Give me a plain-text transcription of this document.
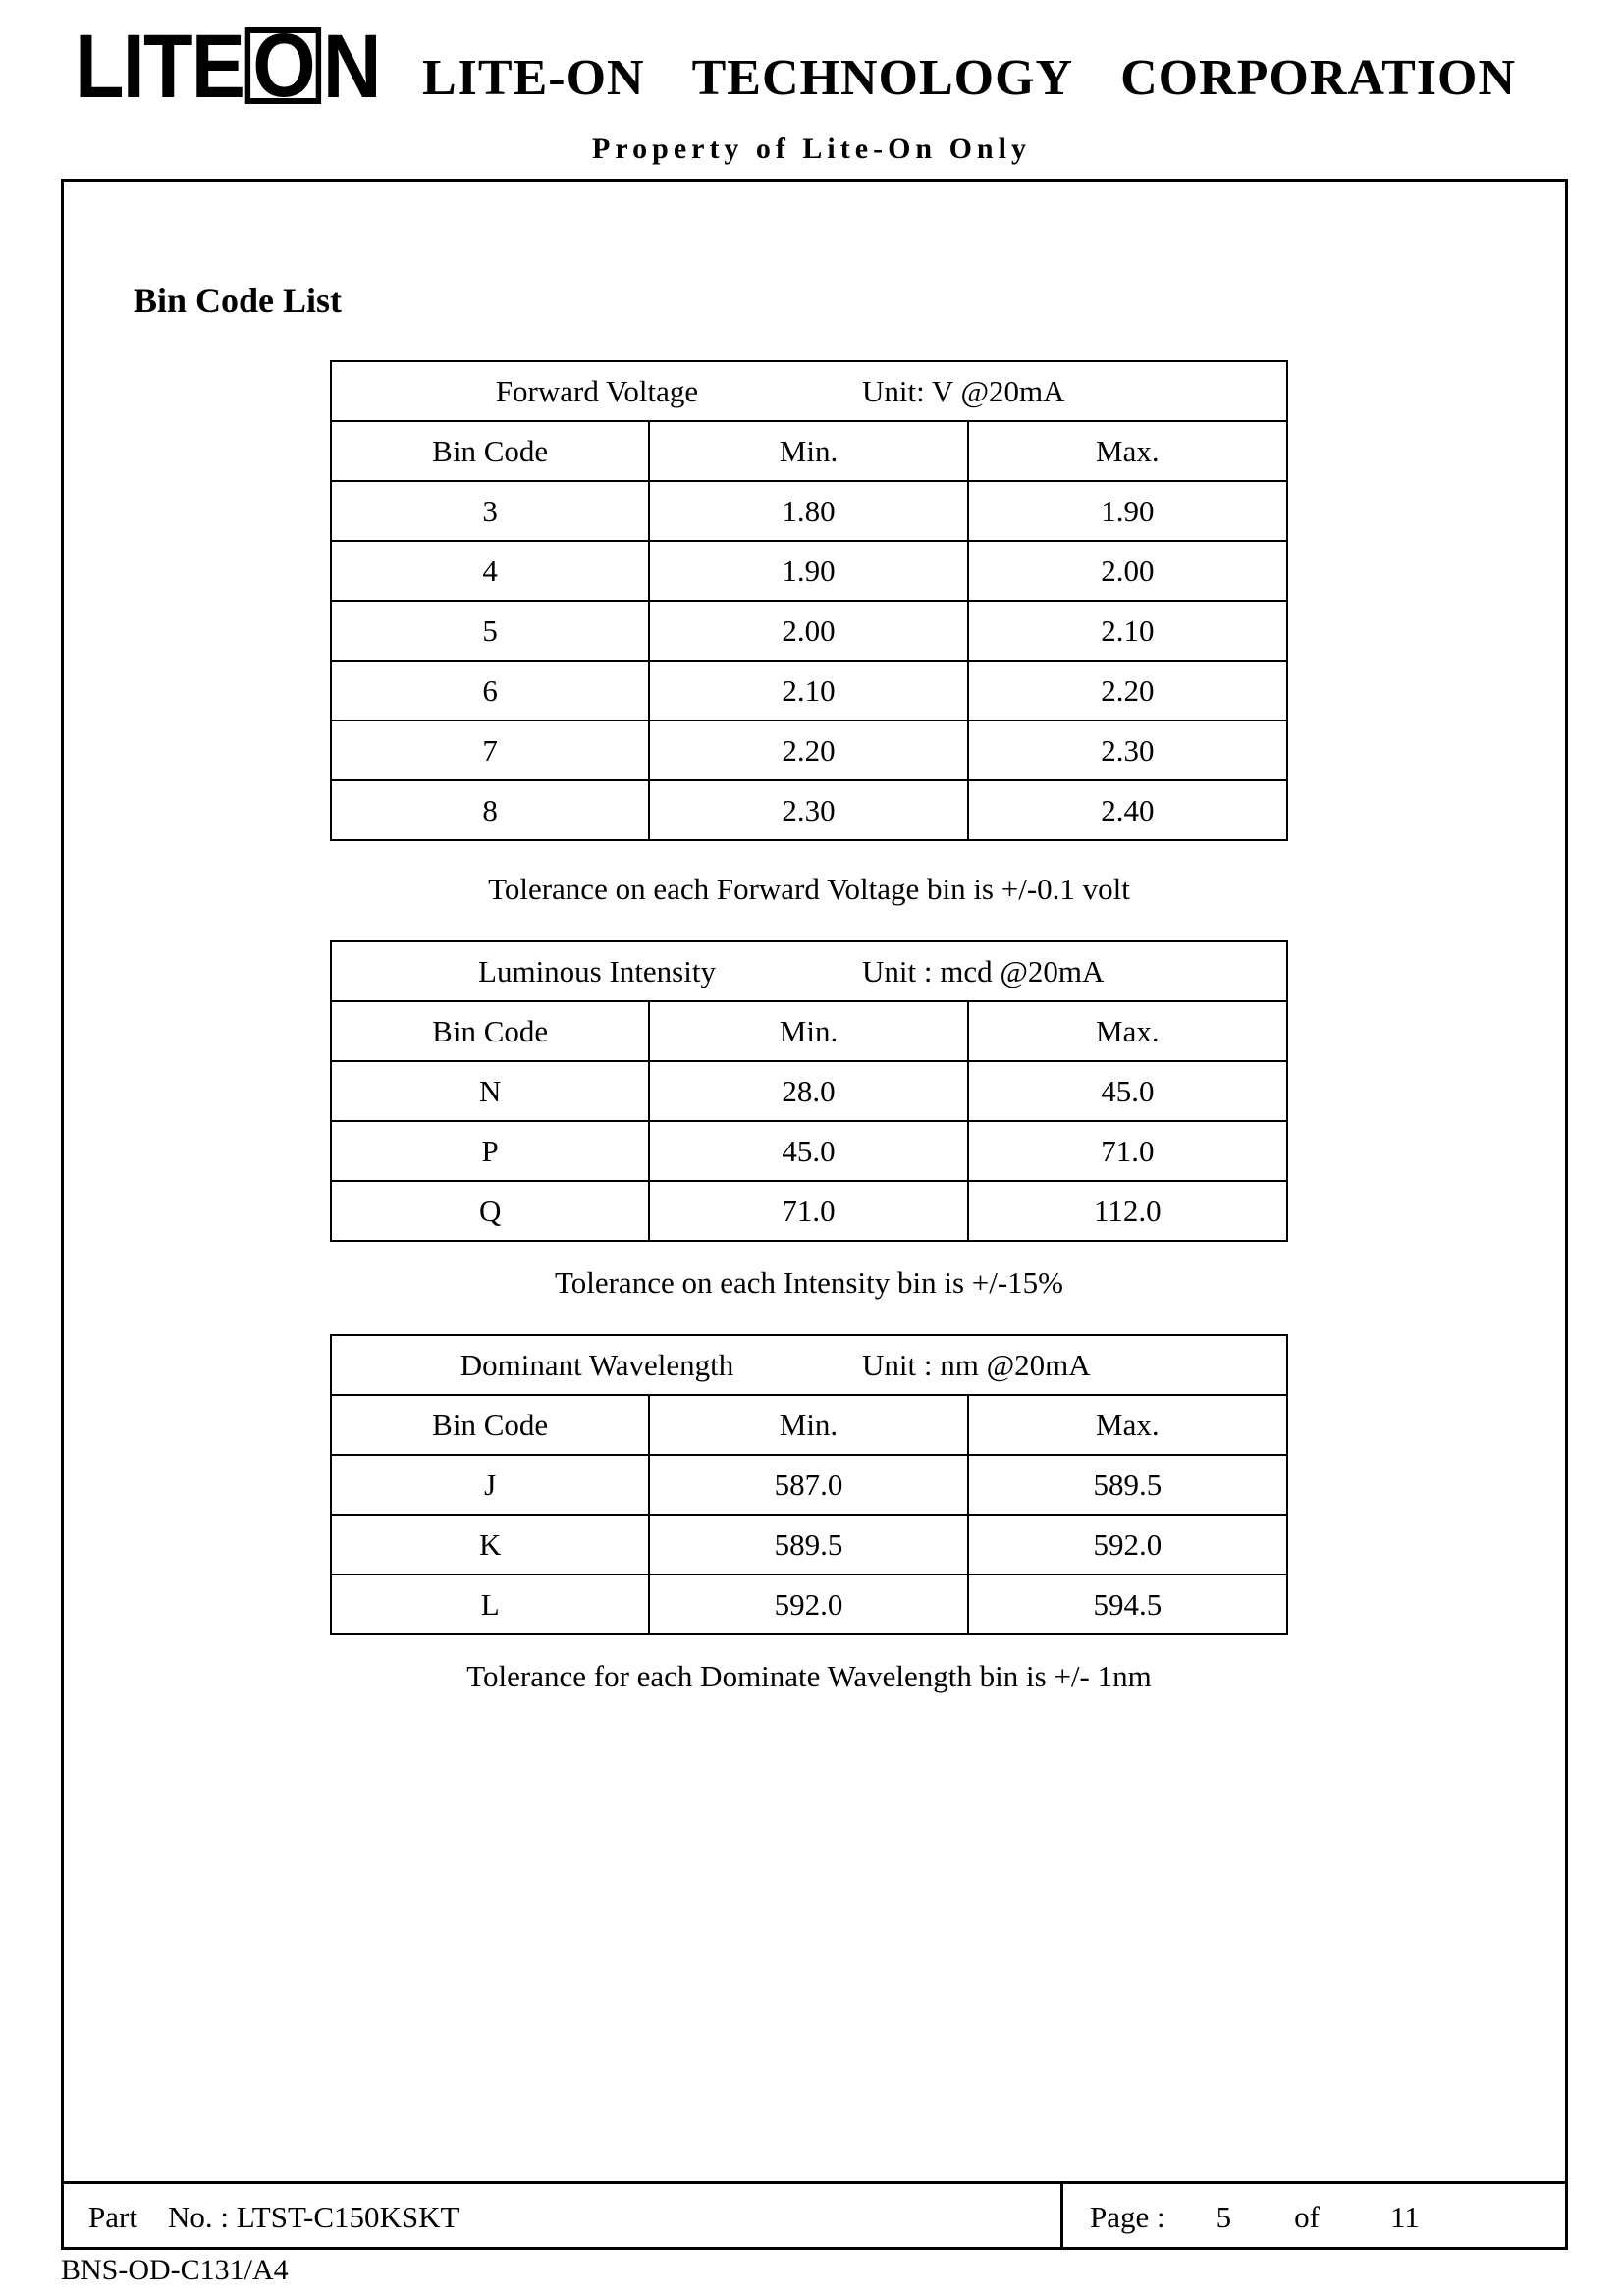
LITEON LITE-ON TECHNOLOGY CORPORATION
Property of Lite-On Only
Bin Code List
Forward Voltage Unit: V @20mA		
Bin Code	Min.	Max.
3	1.80	1.90
4	1.90	2.00
5	2.00	2.10
6	2.10	2.20
7	2.20	2.30
8	2.30	2.40
Tolerance on each Forward Voltage bin is +/-0.1 volt
Luminous Intensity Unit : mcd @20mA		
Bin Code	Min.	Max.
N	28.0	45.0
P	45.0	71.0
Q	71.0	112.0
Tolerance on each Intensity bin is +/-15%
Dominant Wavelength Unit : nm @20mA		
Bin Code	Min.	Max.
J	587.0	589.5
K	589.5	592.0
L	592.0	594.5
Tolerance for each Dominate Wavelength bin is +/- 1nm
Part No. : LTST-C150KSKT	Page : 5 of 11
BNS-OD-C131/A4
